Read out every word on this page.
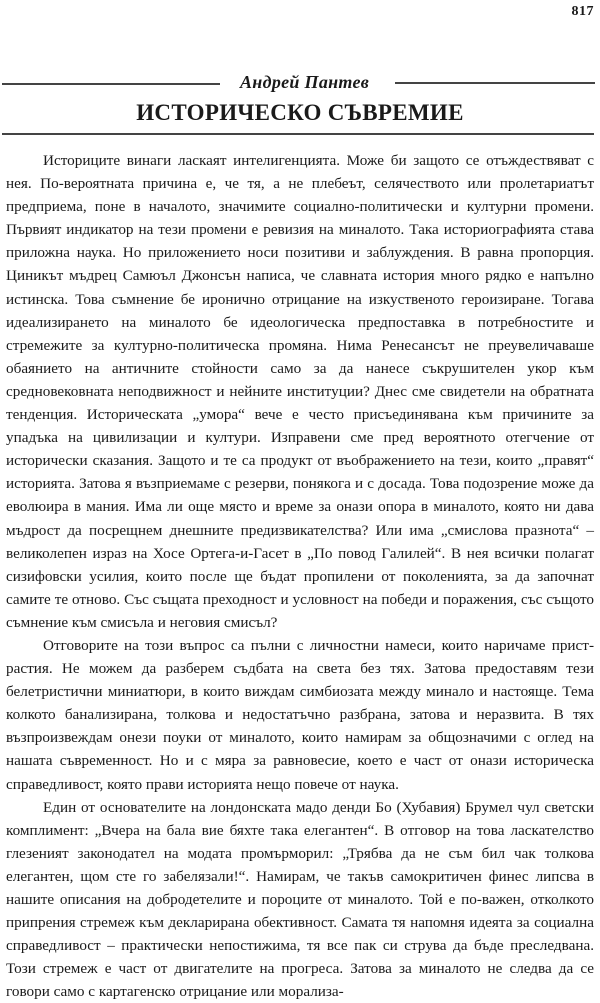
817
Андрей Пантев
ИСТОРИЧЕСКО СЪВРЕМИЕ

Историците винаги ласкаят интелигенцията. Може би защото се отъждествяват с нея. По-вероятната причина е, че тя, а не плебеът, селячеството или пролетариатът предприема, поне в началото, значимите социално-политически и културни промени. Първият индикатор на тези промени е ревизия на миналото. Така историографията става приложна наука. Но приложението носи позитиви и заблуждения. В равна пропорция. Циникът мъдрец Самюъл Джонсън написа, че славната история много рядко е напълно истинска. Това съмнение бе иронично отрицание на изкуственото героизиране. Тогава идеализирането на миналото бе идеологическа предпоставка в потребностите и стремежите за културно-политическа промяна. Нима Ренесансът не преувеличаваше обаянието на античните стойности само за да нанесе съкрушителен укор към средновековната неподвижност и нейните институции? Днес сме свидетели на обратната тенденция. Историческата „умора“ вече е често присъединявана към причините за упадъка на цивилизации и култури. Изправени сме пред вероятното отегчение от исторически сказания. Защото и те са продукт от въображението на тези, които „правят“ историята. Затова я възприемаме с резерви, понякога и с досада. Това подозрение може да еволюира в мания. Има ли още място и време за онази опора в миналото, която ни дава мъдрост да посрещнем днешните предизвикателства? Или има „смислова празнота“ – великолепен израз на Хосе Ортега-и-Гасет в „По повод Галилей“. В нея всички полагат сизифовски усилия, които после ще бъдат пропилени от поколенията, за да започнат самите те отново. Със същата преходност и условност на победи и поражения, със същото съмнение към смисъла и неговия смисъл?

Отговорите на този въпрос са пълни с личностни намеси, които наричаме пристрастия. Не можем да разберем съдбата на света без тях. Затова предоставям тези белетристични миниатюри, в които виждам симбиозата между минало и настояще. Тема колкото банализирана, толкова и недостатъчно разбрана, затова и неразвита. В тях възпроизвеждам онези поуки от миналото, които намирам за общозначими с оглед на нашата съвременност. Но и с мяра за равновесие, което е част от онази историческа справедливост, която прави историята нещо повече от наука.

Един от основателите на лондонската мадо денди Бо (Хубавия) Брумел чул светски комплимент: „Вчера на бала вие бяхте така елегантен“. В отговор на това ласкателство глезеният законодател на модата промърморил: „Трябва да не съм бил чак толкова елегантен, щом сте го забелязали!“. Намирам, че такъв самокритичен финес липсва в нашите описания на добродетелите и пороците от миналото. Той е по-важен, отколкото припрения стремеж към декларирана обективност. Самата тя напомня идеята за социална справедливост – практически непостижима, тя все пак си струва да бъде преследвана. Този стремеж е част от двигателите на прогреса. Затова за миналото не следва да се говори само с картагенско отрицание или морализа-
